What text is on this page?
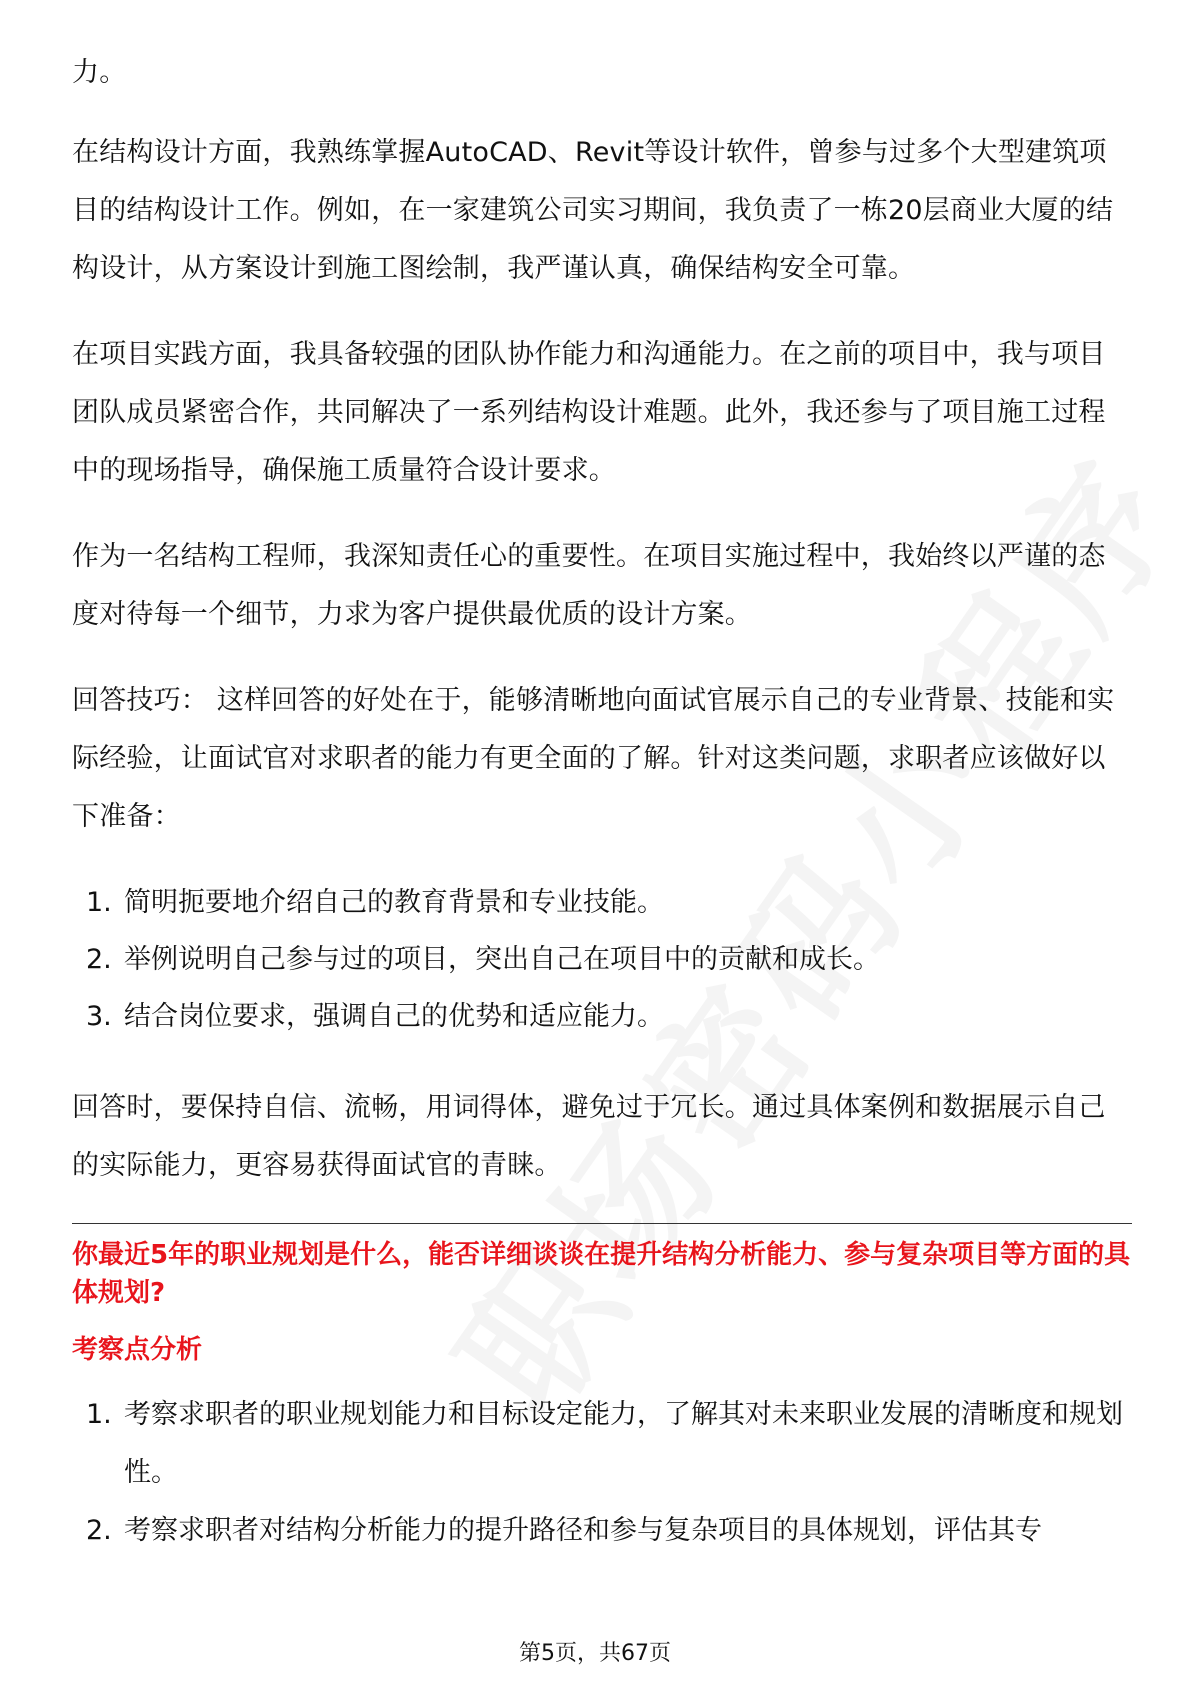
力。

在结构设计方面，我熟练掌握AutoCAD、Revit等设计软件，曾参与过多个大型建筑项目的结构设计工作。例如，在一家建筑公司实习期间，我负责了一栋20层商业大厦的结构设计，从方案设计到施工图绘制，我严谨认真，确保结构安全可靠。

在项目实践方面，我具备较强的团队协作能力和沟通能力。在之前的项目中，我与项目团队成员紧密合作，共同解决了一系列结构设计难题。此外，我还参与了项目施工过程中的现场指导，确保施工质量符合设计要求。

作为一名结构工程师，我深知责任心的重要性。在项目实施过程中，我始终以严谨的态度对待每一个细节，力求为客户提供最优质的设计方案。

回答技巧： 这样回答的好处在于，能够清晰地向面试官展示自己的专业背景、技能和实际经验，让面试官对求职者的能力有更全面的了解。针对这类问题，求职者应该做好以下准备：

1. 简明扼要地介绍自己的教育背景和专业技能。
2. 举例说明自己参与过的项目，突出自己在项目中的贡献和成长。
3. 结合岗位要求，强调自己的优势和适应能力。

回答时，要保持自信、流畅，用词得体，避免过于冗长。通过具体案例和数据展示自己的实际能力，更容易获得面试官的青睐。

你最近5年的职业规划是什么，能否详细谈谈在提升结构分析能力、参与复杂项目等方面的具体规划?
考察点分析
1. 考察求职者的职业规划能力和目标设定能力，了解其对未来职业发展的清晰度和规划性。
2. 考察求职者对结构分析能力的提升路径和参与复杂项目的具体规划，评估其专
第5页，共67页
